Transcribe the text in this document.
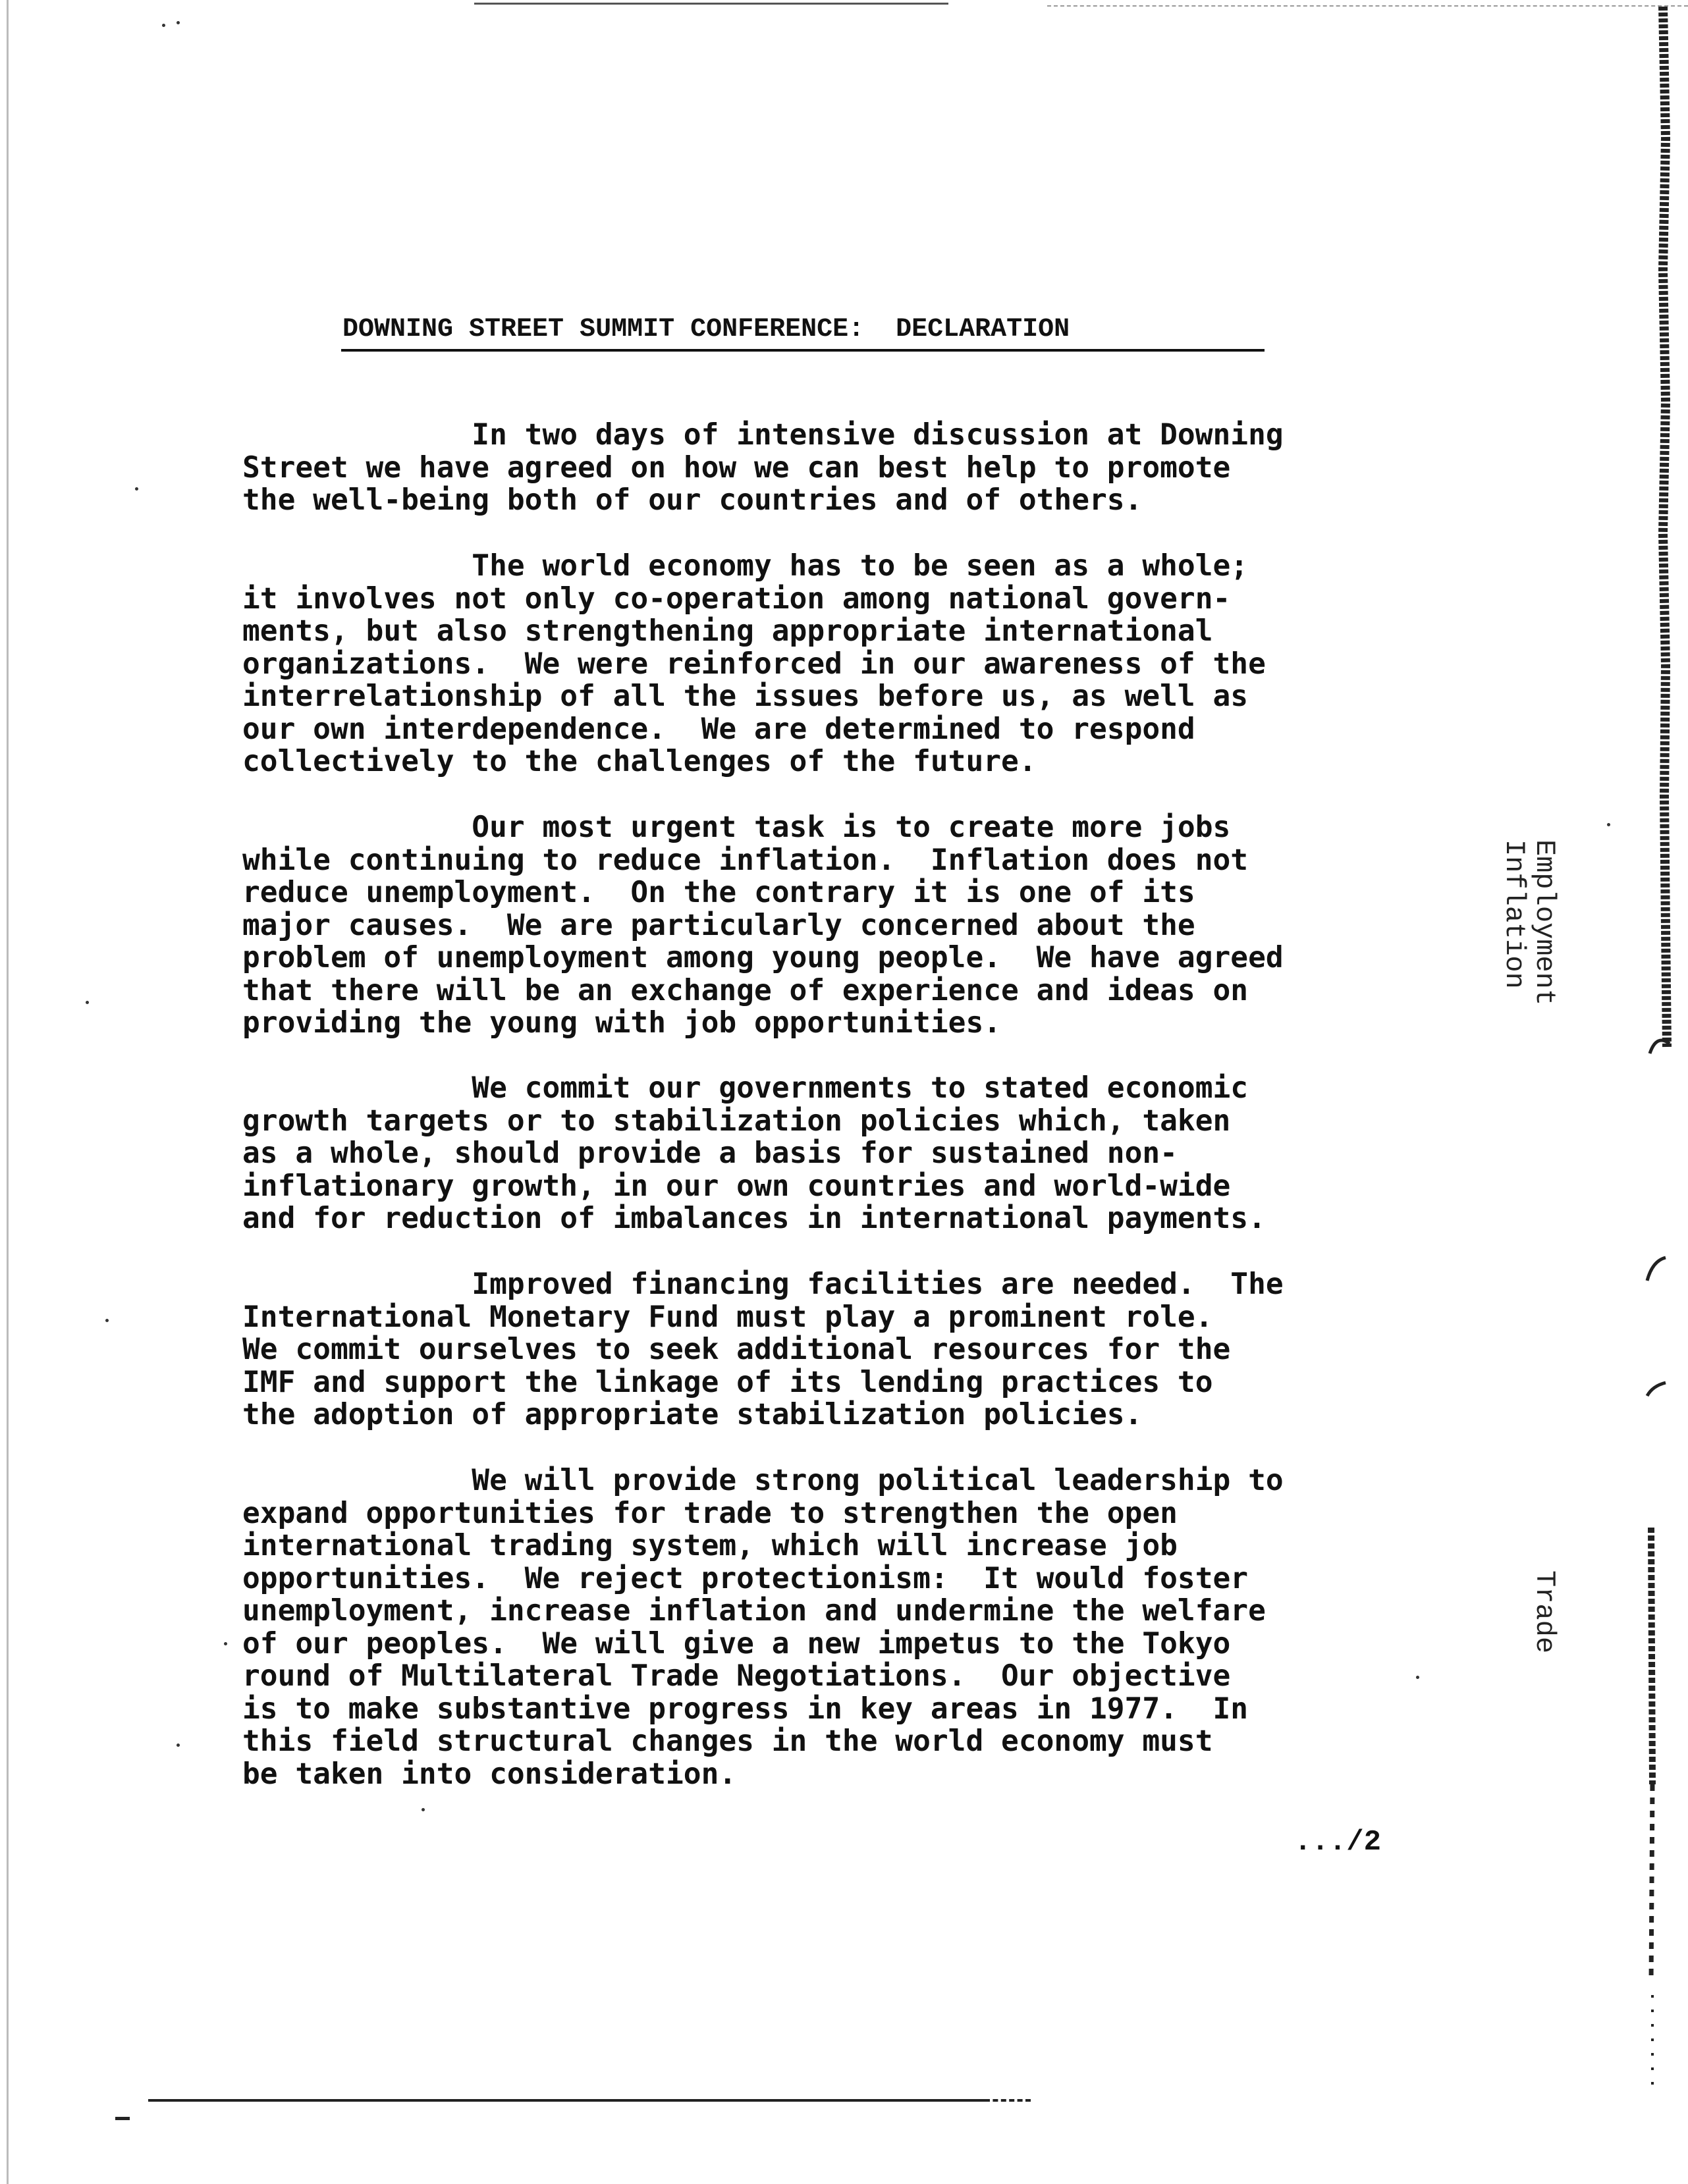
DOWNING STREET SUMMIT CONFERENCE:  DECLARATION
In two days of intensive discussion at Downing
Street we have agreed on how we can best help to promote
the well-being both of our countries and of others.
The world economy has to be seen as a whole;
it involves not only co-operation among national govern-
ments, but also strengthening appropriate international
organizations.  We were reinforced in our awareness of the
interrelationship of all the issues before us, as well as
our own interdependence.  We are determined to respond
collectively to the challenges of the future.
Our most urgent task is to create more jobs
while continuing to reduce inflation.  Inflation does not
reduce unemployment.  On the contrary it is one of its
major causes.  We are particularly concerned about the
problem of unemployment among young people.  We have agreed
that there will be an exchange of experience and ideas on
providing the young with job opportunities.
We commit our governments to stated economic
growth targets or to stabilization policies which, taken
as a whole, should provide a basis for sustained non-
inflationary growth, in our own countries and world-wide
and for reduction of imbalances in international payments.
Improved financing facilities are needed.  The
International Monetary Fund must play a prominent role.
We commit ourselves to seek additional resources for the
IMF and support the linkage of its lending practices to
the adoption of appropriate stabilization policies.
We will provide strong political leadership to
expand opportunities for trade to strengthen the open
international trading system, which will increase job
opportunities.  We reject protectionism:  It would foster
unemployment, increase inflation and undermine the welfare
of our peoples.  We will give a new impetus to the Tokyo
round of Multilateral Trade Negotiations.  Our objective
is to make substantive progress in key areas in 1977.  In
this field structural changes in the world economy must
be taken into consideration.
.../2
Employment
Inflation
Trade
